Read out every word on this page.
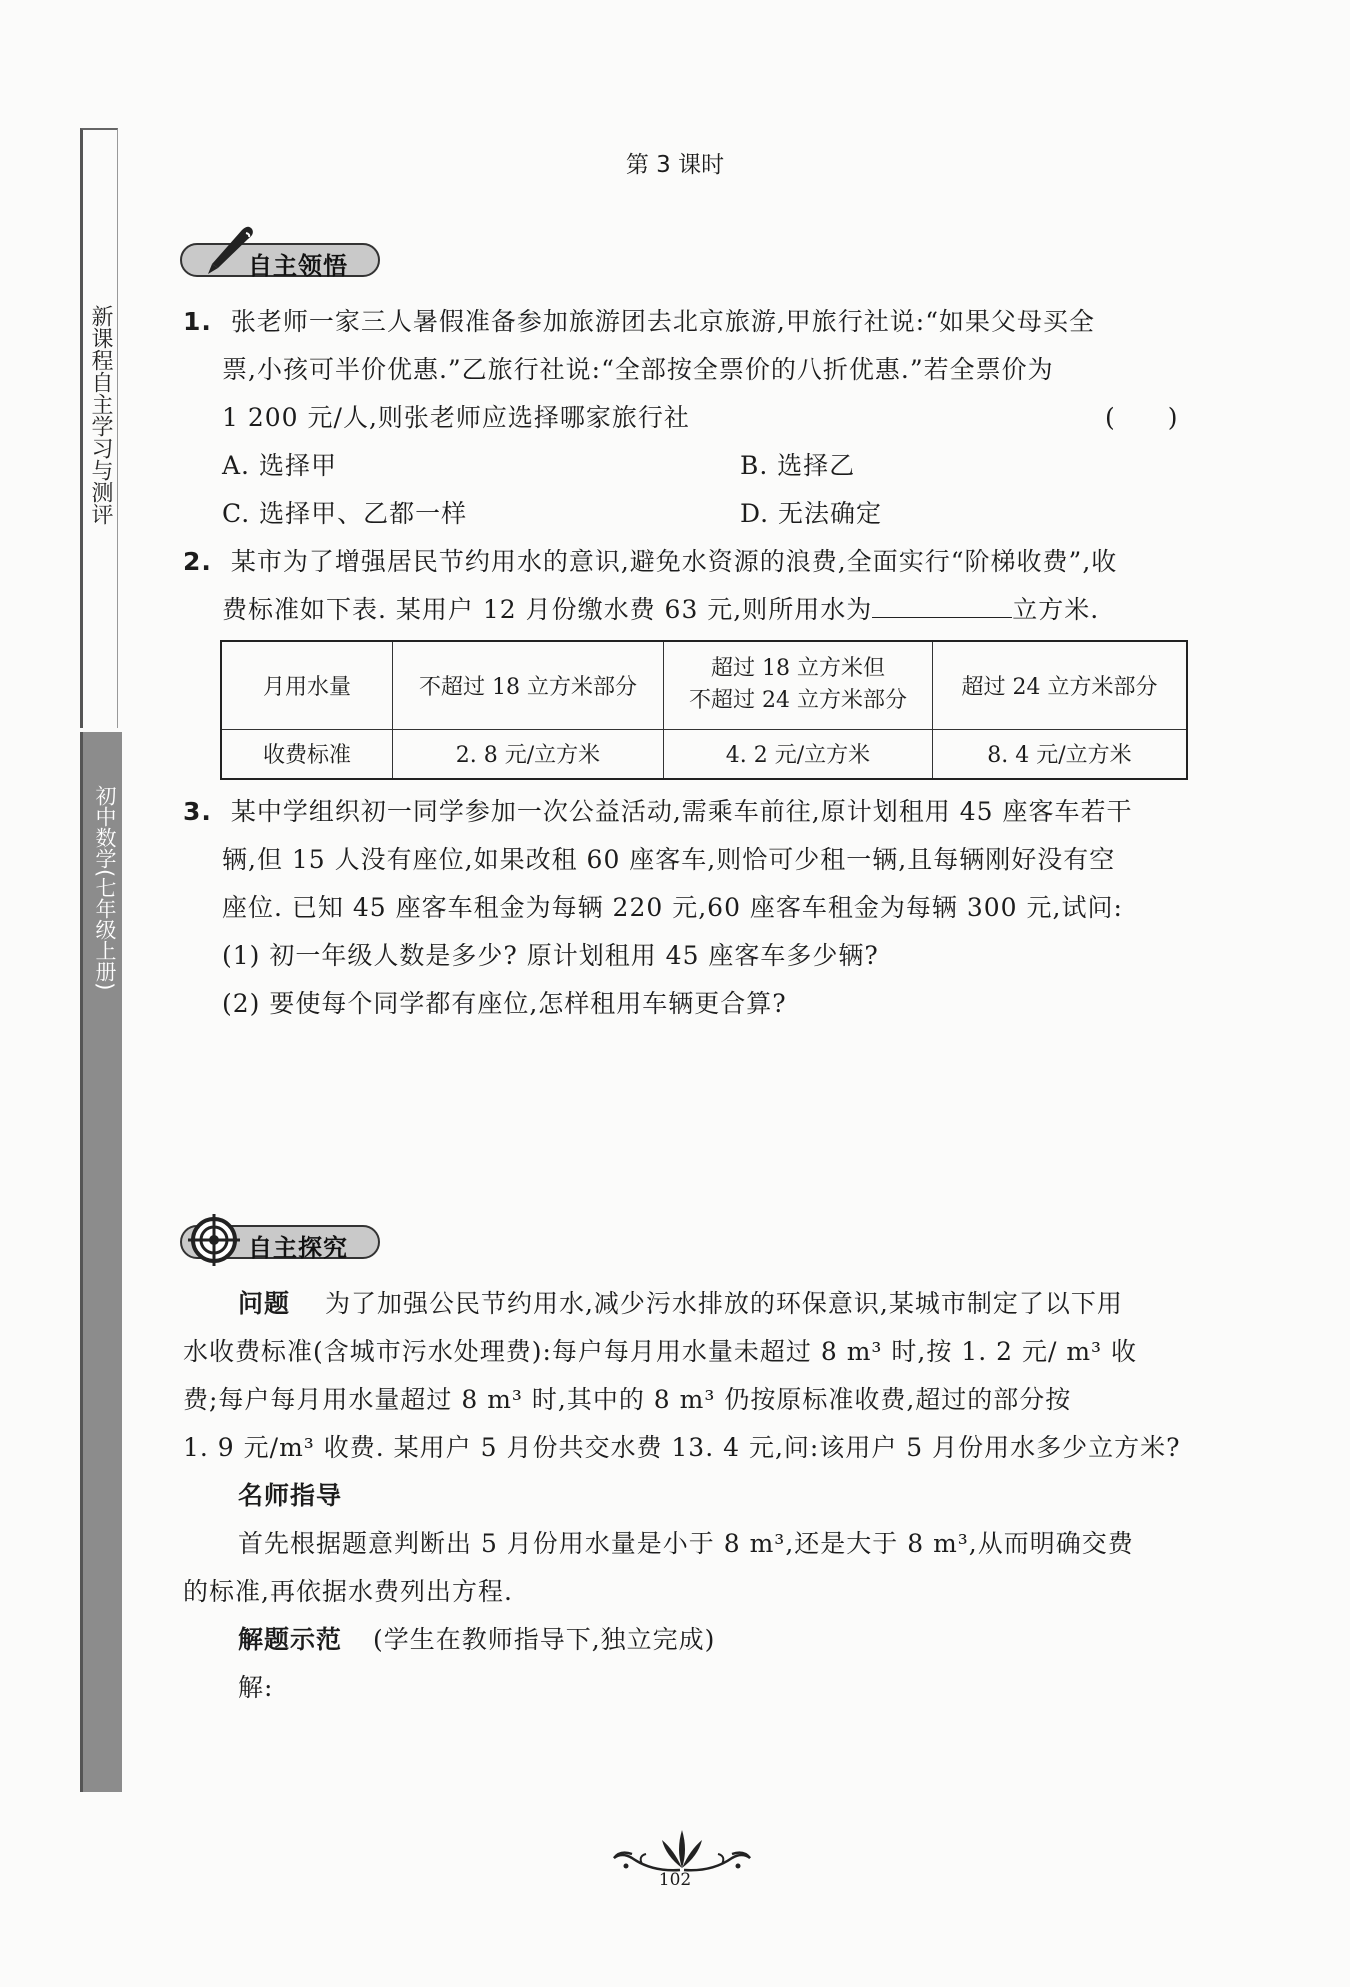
新课程自主学习与测评
初中数学(七年级上册)
第 3 课时
自主领悟
1. 张老师一家三人暑假准备参加旅游团去北京旅游,甲旅行社说:“如果父母买全
票,小孩可半价优惠.”乙旅行社说:“全部按全票价的八折优惠.”若全票价为
1 200 元/人,则张老师应选择哪家旅行社	(　　)
A. 选择甲	B. 选择乙
C. 选择甲、乙都一样	D. 无法确定
2. 某市为了增强居民节约用水的意识,避免水资源的浪费,全面实行“阶梯收费”,收
费标准如下表. 某用户 12 月份缴水费 63 元,则所用水为	立方米.
月用水量	不超过 18 立方米部分	超过 18 立方米但
不超过 24 立方米部分	超过 24 立方米部分
收费标准	2. 8 元/立方米	4. 2 元/立方米	8. 4 元/立方米
3. 某中学组织初一同学参加一次公益活动,需乘车前往,原计划租用 45 座客车若干
辆,但 15 人没有座位,如果改租 60 座客车,则恰可少租一辆,且每辆刚好没有空
座位. 已知 45 座客车租金为每辆 220 元,60 座客车租金为每辆 300 元,试问:
(1) 初一年级人数是多少? 原计划租用 45 座客车多少辆?
(2) 要使每个同学都有座位,怎样租用车辆更合算?
自主探究
问题 为了加强公民节约用水,减少污水排放的环保意识,某城市制定了以下用
水收费标准(含城市污水处理费):每户每月用水量未超过 8 m³ 时,按 1. 2 元/ m³ 收
费;每户每月用水量超过 8 m³ 时,其中的 8 m³ 仍按原标准收费,超过的部分按
1. 9 元/m³ 收费. 某用户 5 月份共交水费 13. 4 元,问:该用户 5 月份用水多少立方米?
名师指导
首先根据题意判断出 5 月份用水量是小于 8 m³,还是大于 8 m³,从而明确交费
的标准,再依据水费列出方程.
解题示范 (学生在教师指导下,独立完成)
解:
102
